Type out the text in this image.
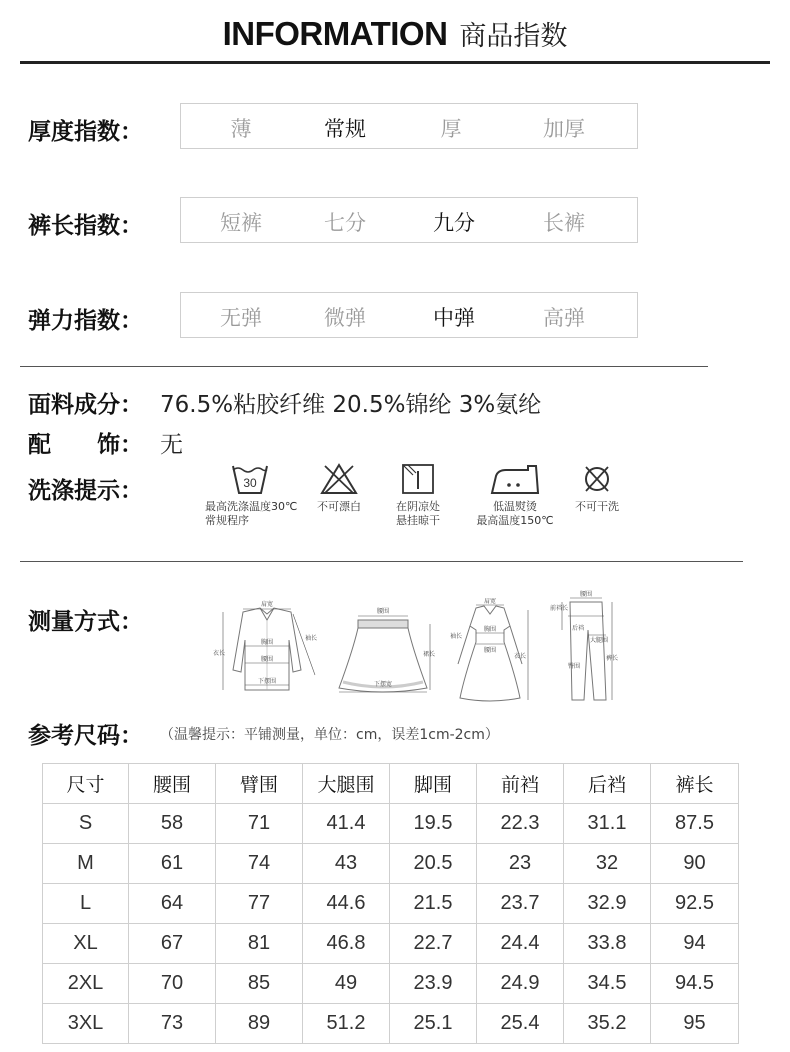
INFORMATION 商品指数
厚度指数：	薄	常规	厚	加厚
裤长指数：	短裤	七分	九分	长裤
弹力指数：	无弹	微弹	中弹	高弹
面料成分： 76.5%粘胶纤维 20.5%锦纶 3%氨纶
配　　饰： 无
洗涤提示：	30
最高洗涤温度30℃
常规程序
不可漂白	在阴凉处
悬挂晾干
低温熨烫
最高温度150℃
不可干洗
测量方式：
肩宽
胸围
腰围
下摆围
衣长
袖长
腰围
下摆宽
裙长
肩宽
胸围
腰围
袖长
衣长
腰围
前裆长
后裆
大腿围
臀围
裤长
参考尺码： （温馨提示：平铺测量，单位：cm，误差1cm-2cm）
尺寸	腰围	臂围	大腿围	脚围	前裆	后裆	裤长
S	58	71	41.4	19.5	22.3	31.1	87.5
M	61	74	43	20.5	23	32	90
L	64	77	44.6	21.5	23.7	32.9	92.5
XL	67	81	46.8	22.7	24.4	33.8	94
2XL	70	85	49	23.9	24.9	34.5	94.5
3XL	73	89	51.2	25.1	25.4	35.2	95
